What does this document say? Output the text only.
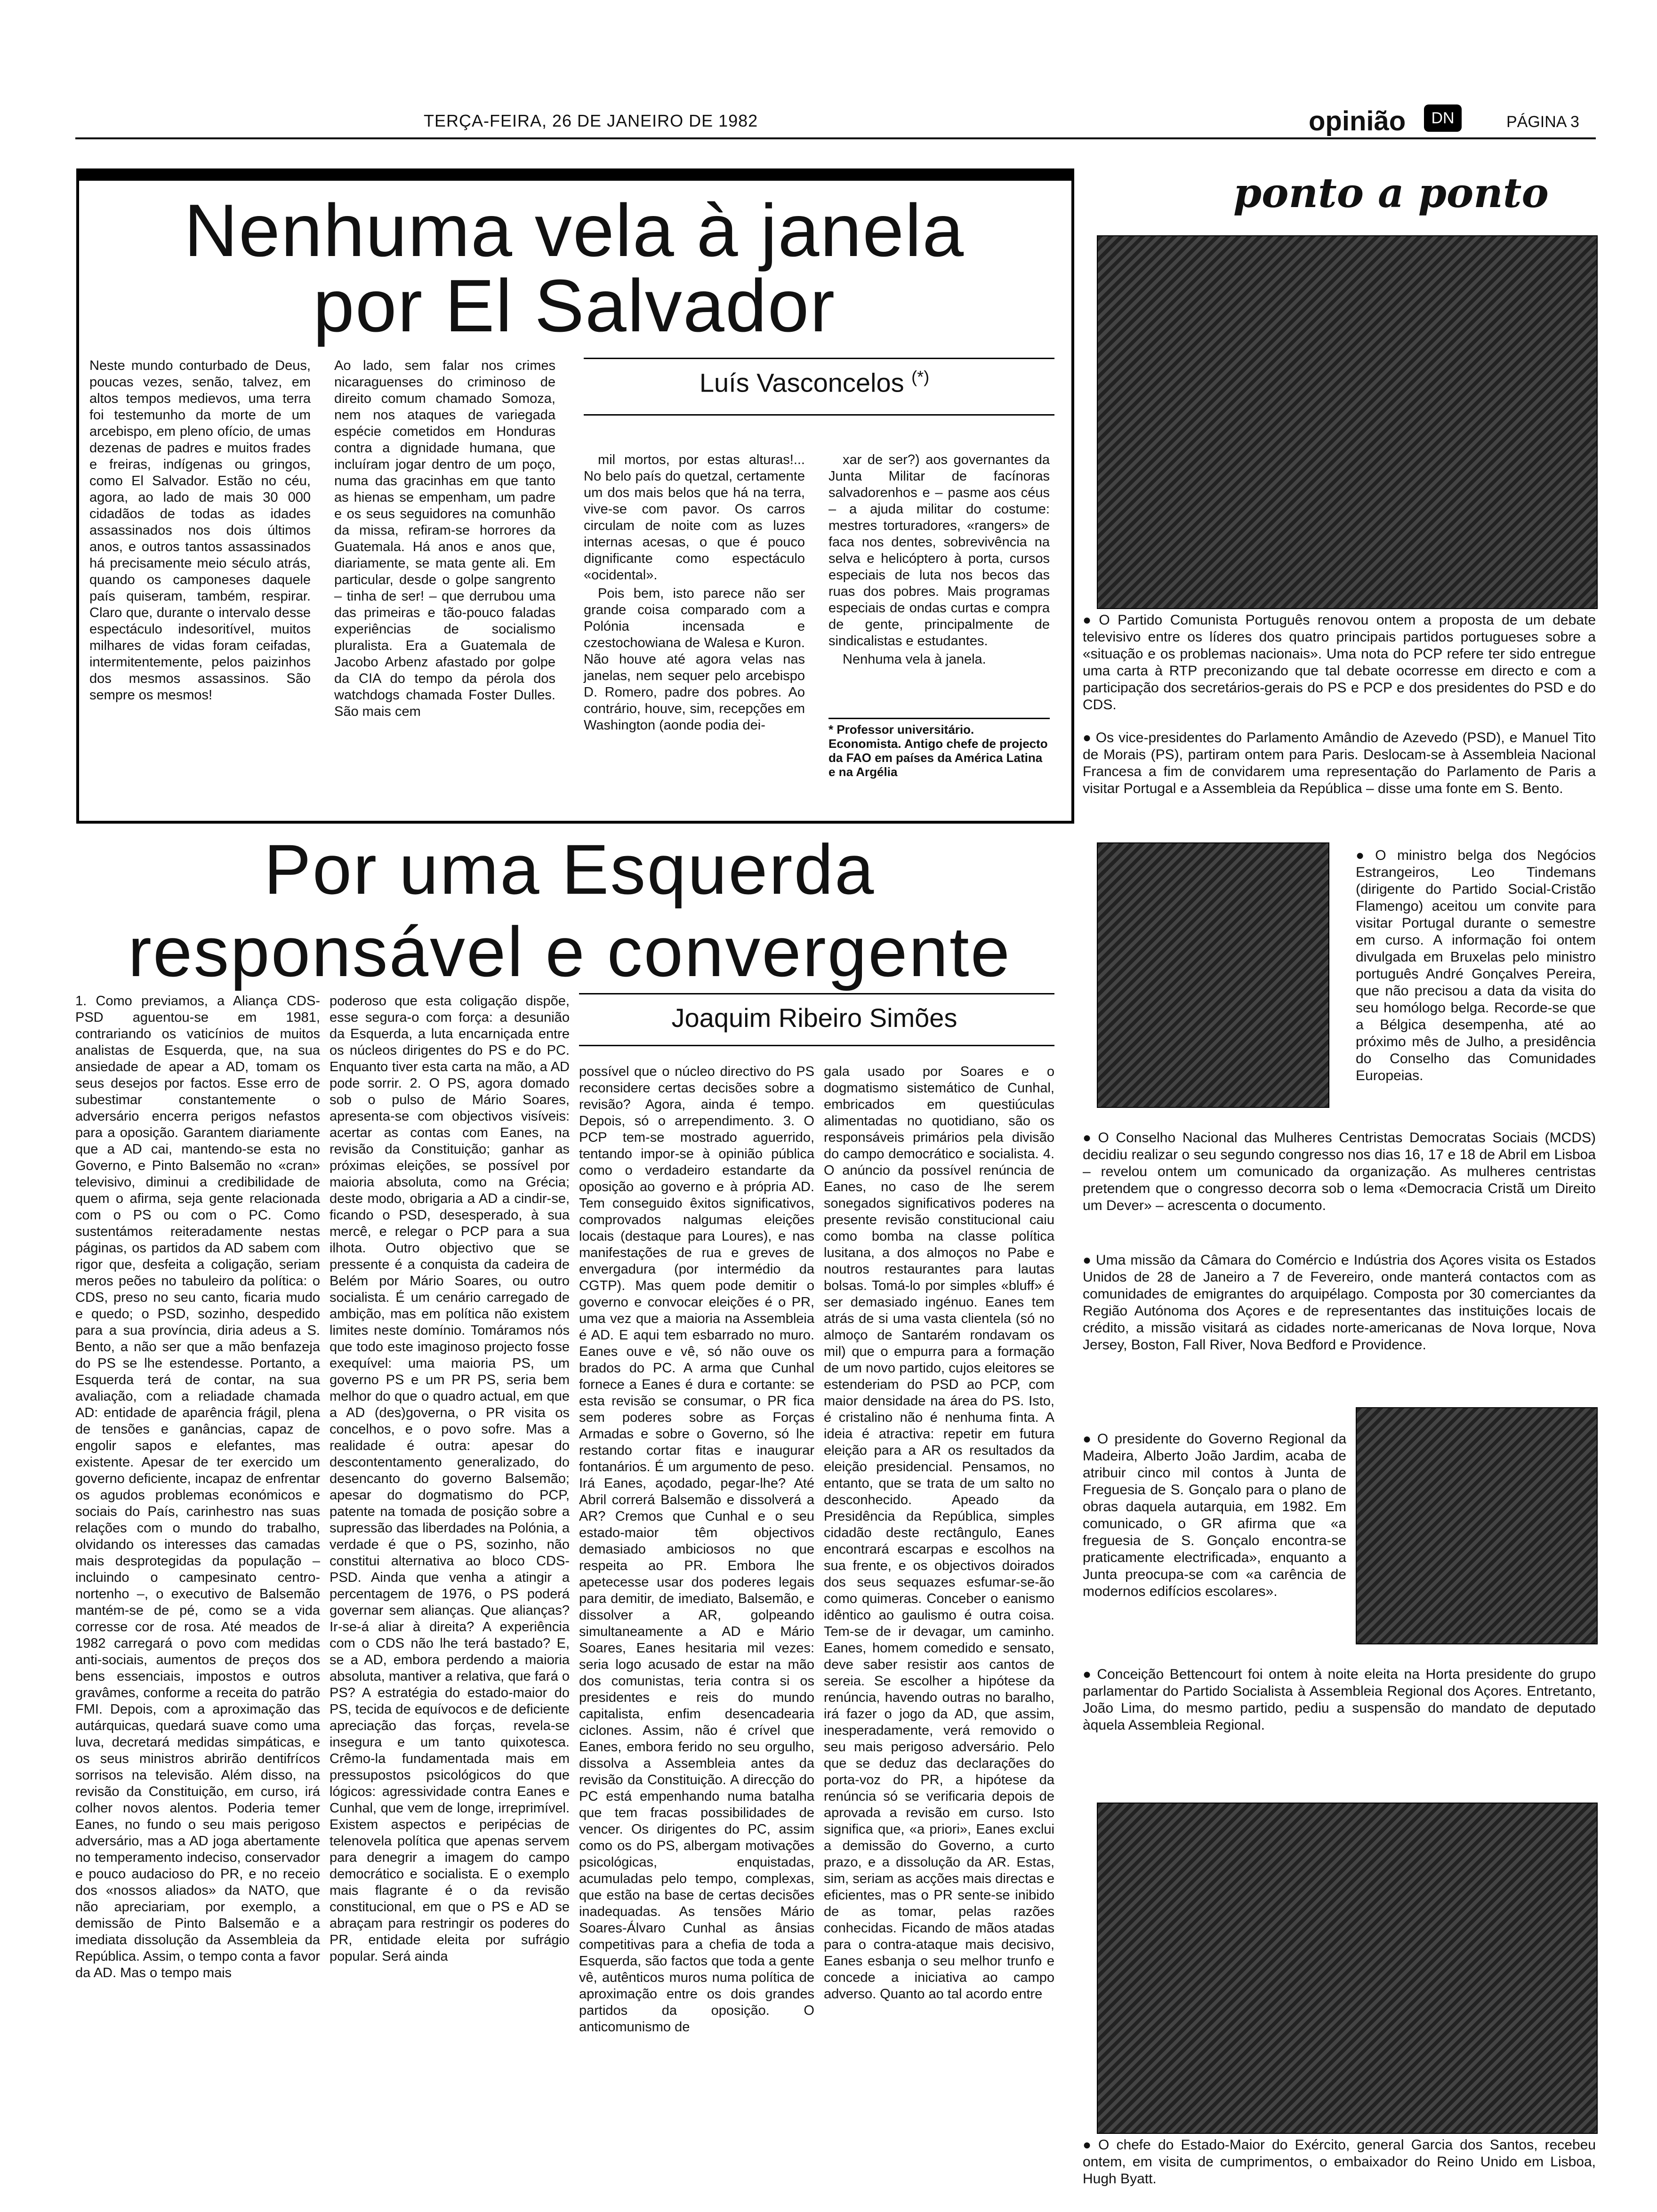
TERÇA-FEIRA, 26 DE JANEIRO DE 1982	opinião	DN	PÁGINA 3
Nenhuma vela à janela por El Salvador
Luís Vasconcelos (*)
Neste mundo conturbado de Deus, poucas vezes, senão, talvez, em altos tempos medievos, uma terra foi testemunho da morte de um arcebispo, em pleno ofício, de umas dezenas de padres e muitos frades e freiras, indígenas ou gringos, como El Salvador. Estão no céu, agora, ao lado de mais 30 000 cidadãos de todas as idades assassinados nos dois últimos anos, e outros tantos assassinados há precisamente meio século atrás, quando os camponeses daquele país quiseram, também, respirar. Claro que, durante o intervalo desse espectáculo indesoritível, muitos milhares de vidas foram ceifadas, intermitentemente, pelos paizinhos dos mesmos assassinos. São sempre os mesmos!
Ao lado, sem falar nos crimes nicaraguenses do criminoso de direito comum chamado Somoza, nem nos ataques de variegada espécie cometidos em Honduras contra a dignidade humana, que incluíram jogar dentro de um poço, numa das gracinhas em que tanto as hienas se empenham, um padre e os seus seguidores na comunhão da missa, refiram-se horrores da Guatemala. Há anos e anos que, diariamente, se mata gente ali. Em particular, desde o golpe sangrento – tinha de ser! – que derrubou uma das primeiras e tão-pouco faladas experiências de socialismo pluralista. Era a Guatemala de Jacobo Arbenz afastado por golpe da CIA do tempo da pérola dos watchdogs chamada Foster Dulles. São mais cem

mil mortos, por estas alturas!... No belo país do quetzal, certamente um dos mais belos que há na terra, vive-se com pavor. Os carros circulam de noite com as luzes internas acesas, o que é pouco dignificante como espectáculo «ocidental».

Pois bem, isto parece não ser grande coisa comparado com a Polónia incensada e czestochowiana de Walesa e Kuron. Não houve até agora velas nas janelas, nem sequer pelo arcebispo D. Romero, padre dos pobres. Ao contrário, houve, sim, recepções em Washington (aonde podia dei-

xar de ser?) aos governantes da Junta Militar de facínoras salvadorenhos e – pasme aos céus – a ajuda militar do costume: mestres torturadores, «rangers» de faca nos dentes, sobrevivência na selva e helicóptero à porta, cursos especiais de luta nos becos das ruas dos pobres. Mais programas especiais de ondas curtas e compra de gente, principalmente de sindicalistas e estudantes.

Nenhuma vela à janela.

* Professor universitário. Economista. Antigo chefe de projecto da FAO em países da América Latina e na Argélia
Por uma Esquerda
responsável e convergente
Joaquim Ribeiro Simões
1. Como previamos, a Aliança CDS-PSD aguentou-se em 1981, contrariando os vaticínios de muitos analistas de Esquerda, que, na sua ansiedade de apear a AD, tomam os seus desejos por factos. Esse erro de subestimar constantemente o adversário encerra perigos nefastos para a oposição. Garantem diariamente que a AD cai, mantendo-se esta no Governo, e Pinto Balsemão no «cran» televisivo, diminui a credibilidade de quem o afirma, seja gente relacionada com o PS ou com o PC. Como sustentámos reiteradamente nestas páginas, os partidos da AD sabem com rigor que, desfeita a coligação, seriam meros peões no tabuleiro da política: o CDS, preso no seu canto, ficaria mudo e quedo; o PSD, sozinho, despedido para a sua província, diria adeus a S. Bento, a não ser que a mão benfazeja do PS se lhe estendesse. Portanto, a Esquerda terá de contar, na sua avaliação, com a reliadade chamada AD: entidade de aparência frágil, plena de tensões e ganâncias, capaz de engolir sapos e elefantes, mas existente. Apesar de ter exercido um governo deficiente, incapaz de enfrentar os agudos problemas económicos e sociais do País, carinhestro nas suas relações com o mundo do trabalho, olvidando os interesses das camadas mais desprotegidas da população – incluindo o campesinato centro-nortenho –, o executivo de Balsemão mantém-se de pé, como se a vida corresse cor de rosa. Até meados de 1982 carregará o povo com medidas anti-sociais, aumentos de preços dos bens essenciais, impostos e outros gravâmes, conforme a receita do patrão FMI. Depois, com a aproximação das autárquicas, quedará suave como uma luva, decretará medidas simpáticas, e os seus ministros abrirão dentifrícos sorrisos na televisão. Além disso, na revisão da Constituição, em curso, irá colher novos alentos. Poderia temer Eanes, no fundo o seu mais perigoso adversário, mas a AD joga abertamente no temperamento indeciso, conservador e pouco audacioso do PR, e no receio dos «nossos aliados» da NATO, que não apreciariam, por exemplo, a demissão de Pinto Balsemão e a imediata dissolução da Assembleia da República. Assim, o tempo conta a favor da AD. Mas o tempo mais
poderoso que esta coligação dispõe, esse segura-o com força: a desunião da Esquerda, a luta encarniçada entre os núcleos dirigentes do PS e do PC. Enquanto tiver esta carta na mão, a AD pode sorrir. 2. O PS, agora domado sob o pulso de Mário Soares, apresenta-se com objectivos visíveis: acertar as contas com Eanes, na revisão da Constituição; ganhar as próximas eleições, se possível por maioria absoluta, como na Grécia; deste modo, obrigaria a AD a cindir-se, ficando o PSD, desesperado, à sua mercê, e relegar o PCP para a sua ilhota. Outro objectivo que se pressente é a conquista da cadeira de Belém por Mário Soares, ou outro socialista. É um cenário carregado de ambição, mas em política não existem limites neste domínio. Tomáramos nós que todo este imaginoso projecto fosse exequível: uma maioria PS, um governo PS e um PR PS, seria bem melhor do que o quadro actual, em que a AD (des)governa, o PR visita os concelhos, e o povo sofre. Mas a realidade é outra: apesar do descontentamento generalizado, do desencanto do governo Balsemão; apesar do dogmatismo do PCP, patente na tomada de posição sobre a supressão das liberdades na Polónia, a verdade é que o PS, sozinho, não constitui alternativa ao bloco CDS-PSD. Ainda que venha a atingir a percentagem de 1976, o PS poderá governar sem alianças. Que alianças? Ir-se-á aliar à direita? A experiência com o CDS não lhe terá bastado? E, se a AD, embora perdendo a maioria absoluta, mantiver a relativa, que fará o PS? A estratégia do estado-maior do PS, tecida de equívocos e de deficiente apreciação das forças, revela-se insegura e um tanto quixotesca. Crêmo-la fundamentada mais em pressupostos psicológicos do que lógicos: agressividade contra Eanes e Cunhal, que vem de longe, irreprimível. Existem aspectos e peripécias de telenovela política que apenas servem para denegrir a imagem do campo democrático e socialista. E o exemplo mais flagrante é o da revisão constitucional, em que o PS e AD se abraçam para restringir os poderes do PR, entidade eleita por sufrágio popular. Será ainda
possível que o núcleo directivo do PS reconsidere certas decisões sobre a revisão? Agora, ainda é tempo. Depois, só o arrependimento. 3. O PCP tem-se mostrado aguerrido, tentando impor-se à opinião pública como o verdadeiro estandarte da oposição ao governo e à própria AD. Tem conseguido êxitos significativos, comprovados nalgumas eleições locais (destaque para Loures), e nas manifestações de rua e greves de envergadura (por intermédio da CGTP). Mas quem pode demitir o governo e convocar eleições é o PR, uma vez que a maioria na Assembleia é AD. E aqui tem esbarrado no muro. Eanes ouve e vê, só não ouve os brados do PC. A arma que Cunhal fornece a Eanes é dura e cortante: se esta revisão se consumar, o PR fica sem poderes sobre as Forças Armadas e sobre o Governo, só lhe restando cortar fitas e inaugurar fontanários. É um argumento de peso. Irá Eanes, açodado, pegar-lhe? Até Abril correrá Balsemão e dissolverá a AR? Cremos que Cunhal e o seu estado-maior têm objectivos demasiado ambiciosos no que respeita ao PR. Embora lhe apetecesse usar dos poderes legais para demitir, de imediato, Balsemão, e dissolver a AR, golpeando simultaneamente a AD e Mário Soares, Eanes hesitaria mil vezes: seria logo acusado de estar na mão dos comunistas, teria contra si os presidentes e reis do mundo capitalista, enfim desencadearia ciclones. Assim, não é crível que Eanes, embora ferido no seu orgulho, dissolva a Assembleia antes da revisão da Constituição. A direcção do PC está empenhando numa batalha que tem fracas possibilidades de vencer. Os dirigentes do PC, assim como os do PS, albergam motivações psicológicas, enquistadas, acumuladas pelo tempo, complexas, que estão na base de certas decisões inadequadas. As tensões Mário Soares-Álvaro Cunhal as ânsias competitivas para a chefia de toda a Esquerda, são factos que toda a gente vê, autênticos muros numa política de aproximação entre os dois grandes partidos da oposição. O anticomunismo de
gala usado por Soares e o dogmatismo sistemático de Cunhal, embricados em questiúculas alimentadas no quotidiano, são os responsáveis primários pela divisão do campo democrático e socialista. 4. O anúncio da possível renúncia de Eanes, no caso de lhe serem sonegados significativos poderes na presente revisão constitucional caiu como bomba na classe política lusitana, a dos almoços no Pabe e noutros restaurantes para lautas bolsas. Tomá-lo por simples «bluff» é ser demasiado ingénuo. Eanes tem atrás de si uma vasta clientela (só no almoço de Santarém rondavam os mil) que o empurra para a formação de um novo partido, cujos eleitores se estenderiam do PSD ao PCP, com maior densidade na área do PS. Isto, é cristalino não é nenhuma finta. A ideia é atractiva: repetir em futura eleição para a AR os resultados da eleição presidencial. Pensamos, no entanto, que se trata de um salto no desconhecido. Apeado da Presidência da República, simples cidadão deste rectângulo, Eanes encontrará escarpas e escolhos na sua frente, e os objectivos doirados dos seus sequazes esfumar-se-ão como quimeras. Conceber o eanismo idêntico ao gaulismo é outra coisa. Tem-se de ir devagar, um caminho. Eanes, homem comedido e sensato, deve saber resistir aos cantos de sereia. Se escolher a hipótese da renúncia, havendo outras no baralho, irá fazer o jogo da AD, que assim, inesperadamente, verá removido o seu mais perigoso adversário. Pelo que se deduz das declarações do porta-voz do PR, a hipótese da renúncia só se verificaria depois de aprovada a revisão em curso. Isto significa que, «a priori», Eanes exclui a demissão do Governo, a curto prazo, e a dissolução da AR. Estas, sim, seriam as acções mais directas e eficientes, mas o PR sente-se inibido de as tomar, pelas razões conhecidas. Ficando de mãos atadas para o contra-ataque mais decisivo, Eanes esbanja o seu melhor trunfo e concede a iniciativa ao campo adverso. Quanto ao tal acordo entre
ponto a ponto
● O Partido Comunista Português renovou ontem a proposta de um debate televisivo entre os líderes dos quatro principais partidos portugueses sobre a «situação e os problemas nacionais». Uma nota do PCP refere ter sido entregue uma carta à RTP preconizando que tal debate ocorresse em directo e com a participação dos secretários-gerais do PS e PCP e dos presidentes do PSD e do CDS.
● Os vice-presidentes do Parlamento Amândio de Azevedo (PSD), e Manuel Tito de Morais (PS), partiram ontem para Paris. Deslocam-se à Assembleia Nacional Francesa a fim de convidarem uma representação do Parlamento de Paris a visitar Portugal e a Assembleia da República – disse uma fonte em S. Bento.
● O ministro belga dos Negócios Estrangeiros, Leo Tindemans (dirigente do Partido Social-Cristão Flamengo) aceitou um convite para visitar Portugal durante o semestre em curso. A informação foi ontem divulgada em Bruxelas pelo ministro português André Gonçalves Pereira, que não precisou a data da visita do seu homólogo belga. Recorde-se que a Bélgica desempenha, até ao próximo mês de Julho, a presidência do Conselho das Comunidades Europeias.
● O Conselho Nacional das Mulheres Centristas Democratas Sociais (MCDS) decidiu realizar o seu segundo congresso nos dias 16, 17 e 18 de Abril em Lisboa – revelou ontem um comunicado da organização. As mulheres centristas pretendem que o congresso decorra sob o lema «Democracia Cristã um Direito um Dever» – acrescenta o documento.
● Uma missão da Câmara do Comércio e Indústria dos Açores visita os Estados Unidos de 28 de Janeiro a 7 de Fevereiro, onde manterá contactos com as comunidades de emigrantes do arquipélago. Composta por 30 comerciantes da Região Autónoma dos Açores e de representantes das instituições locais de crédito, a missão visitará as cidades norte-americanas de Nova Iorque, Nova Jersey, Boston, Fall River, Nova Bedford e Providence.
● O presidente do Governo Regional da Madeira, Alberto João Jardim, acaba de atribuir cinco mil contos à Junta de Freguesia de S. Gonçalo para o plano de obras daquela autarquia, em 1982. Em comunicado, o GR afirma que «a freguesia de S. Gonçalo encontra-se praticamente electrificada», enquanto a Junta preocupa-se com «a carência de modernos edifícios escolares».
● Conceição Bettencourt foi ontem à noite eleita na Horta presidente do grupo parlamentar do Partido Socialista à Assembleia Regional dos Açores. Entretanto, João Lima, do mesmo partido, pediu a suspensão do mandato de deputado àquela Assembleia Regional.
● O chefe do Estado-Maior do Exército, general Garcia dos Santos, recebeu ontem, em visita de cumprimentos, o embaixador do Reino Unido em Lisboa, Hugh Byatt.
